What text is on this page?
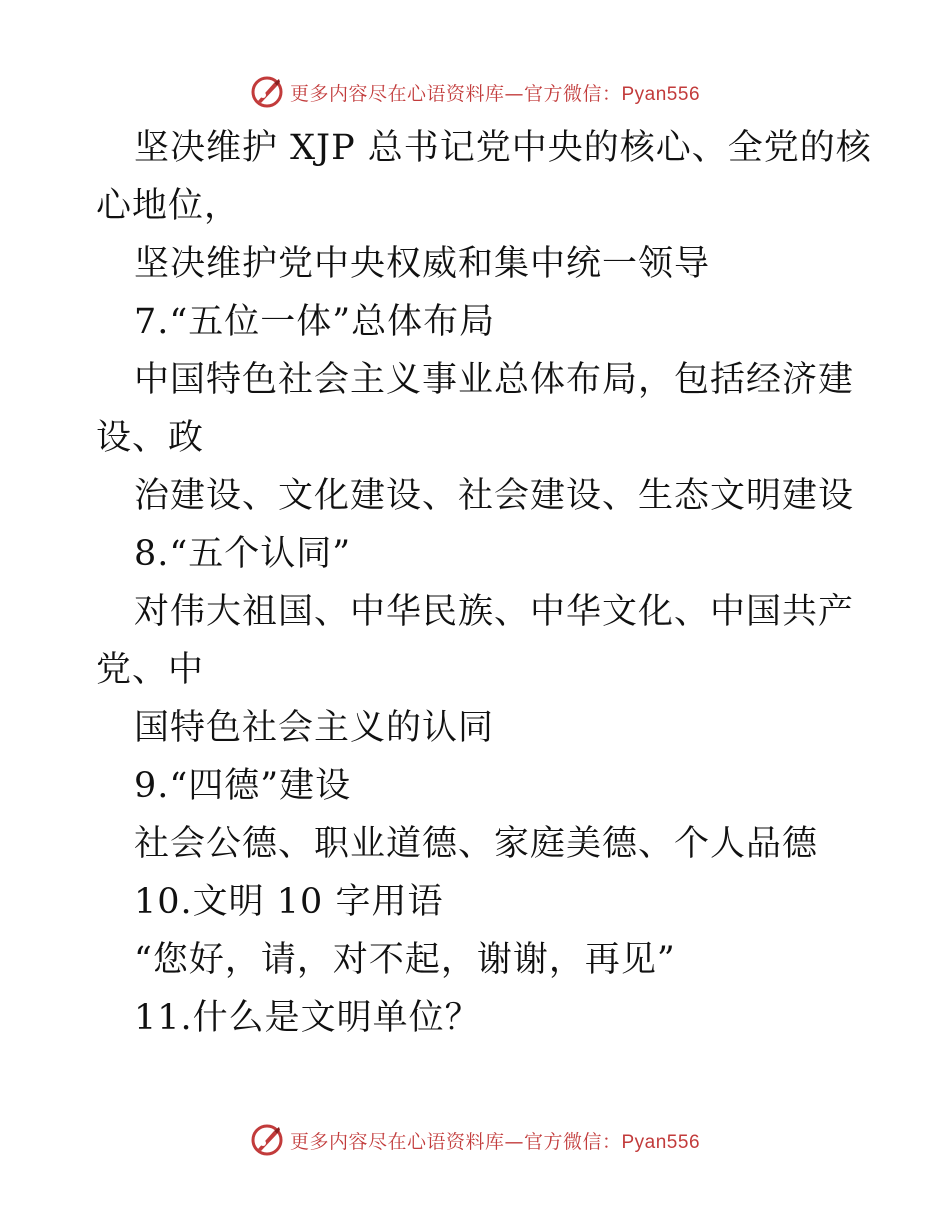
更多内容尽在心语资料库—官方微信：Pyan556
坚决维护 XJP 总书记党中央的核心、全党的核
心地位，
坚决维护党中央权威和集中统一领导
7.“五位一体”总体布局
中国特色社会主义事业总体布局，包括经济建
设、政
治建设、文化建设、社会建设、生态文明建设
8.“五个认同”
对伟大祖国、中华民族、中华文化、中国共产
党、中
国特色社会主义的认同
9.“四德”建设
社会公德、职业道德、家庭美德、个人品德
10.文明 10 字用语
“您好，请，对不起，谢谢，再见”
11.什么是文明单位？
更多内容尽在心语资料库—官方微信：Pyan556
